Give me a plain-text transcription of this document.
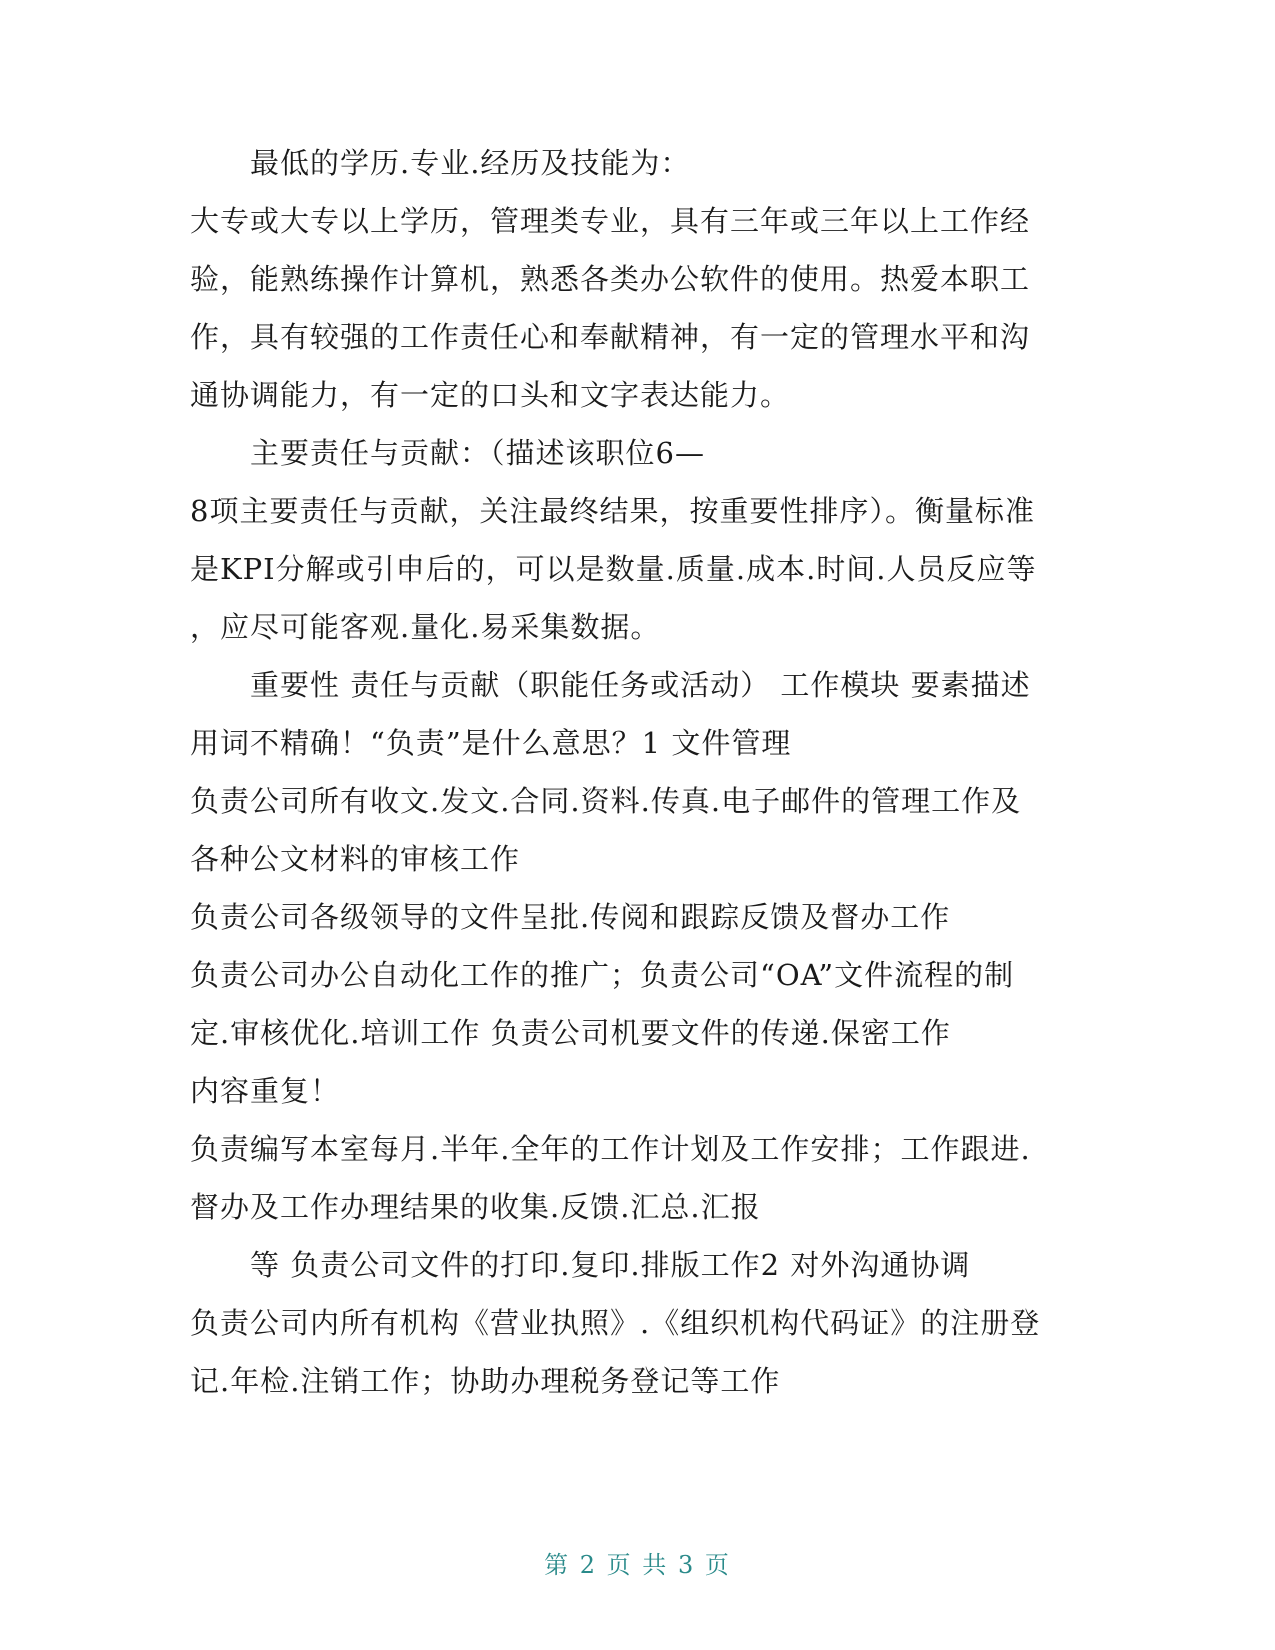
最低的学历.专业.经历及技能为：
大专或大专以上学历，管理类专业，具有三年或三年以上工作经
验，能熟练操作计算机，熟悉各类办公软件的使用。热爱本职工
作，具有较强的工作责任心和奉献精神，有一定的管理水平和沟
通协调能力，有一定的口头和文字表达能力。
主要责任与贡献：（描述该职位6—
8项主要责任与贡献，关注最终结果，按重要性排序）。衡量标准
是KPI分解或引申后的，可以是数量.质量.成本.时间.人员反应等
，应尽可能客观.量化.易采集数据。
重要性 责任与贡献（职能任务或活动） 工作模块 要素描述
用词不精确！“负责”是什么意思？1 文件管理
负责公司所有收文.发文.合同.资料.传真.电子邮件的管理工作及
各种公文材料的审核工作
负责公司各级领导的文件呈批.传阅和跟踪反馈及督办工作
负责公司办公自动化工作的推广；负责公司“OA”文件流程的制
定.审核优化.培训工作 负责公司机要文件的传递.保密工作
内容重复！
负责编写本室每月.半年.全年的工作计划及工作安排；工作跟进.
督办及工作办理结果的收集.反馈.汇总.汇报
等 负责公司文件的打印.复印.排版工作2 对外沟通协调
负责公司内所有机构《营业执照》.《组织机构代码证》的注册登
记.年检.注销工作；协助办理税务登记等工作
第 2 页 共 3 页
